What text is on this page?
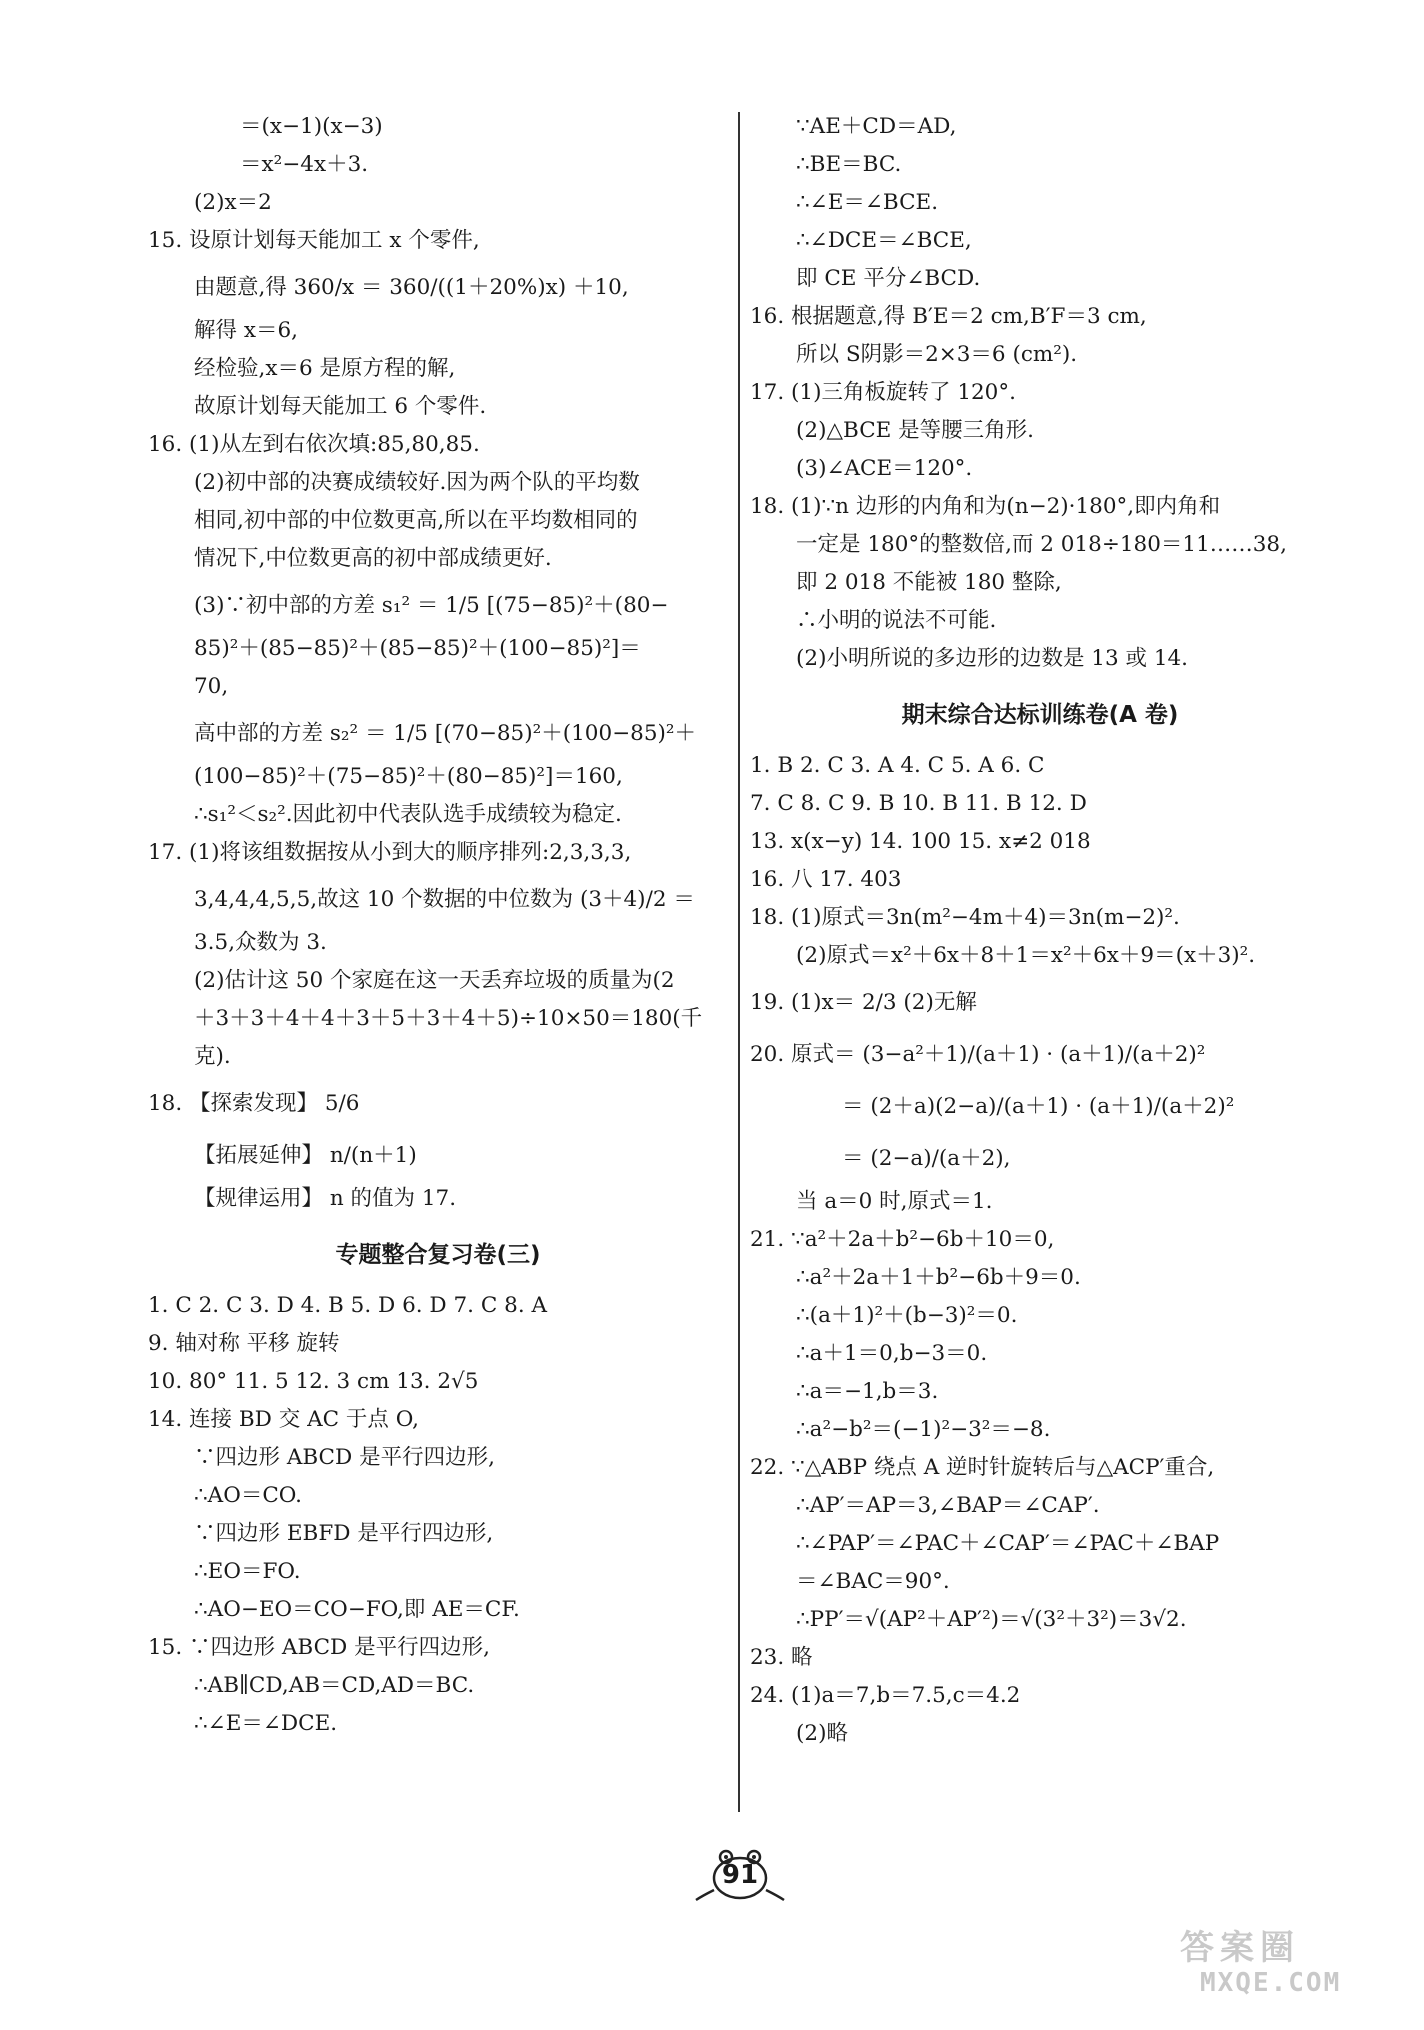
＝(x−1)(x−3)
＝x²−4x＋3.
(2)x＝2
15. 设原计划每天能加工 x 个零件,
由题意,得 360/x ＝ 360/((1＋20%)x) ＋10,
解得 x＝6,
经检验,x＝6 是原方程的解,
故原计划每天能加工 6 个零件.
16. (1)从左到右依次填:85,80,85.
(2)初中部的决赛成绩较好.因为两个队的平均数
相同,初中部的中位数更高,所以在平均数相同的
情况下,中位数更高的初中部成绩更好.
(3)∵初中部的方差 s₁² ＝ 1/5 [(75−85)²＋(80−
85)²＋(85−85)²＋(85−85)²＋(100−85)²]＝
70,
高中部的方差 s₂² ＝ 1/5 [(70−85)²＋(100−85)²＋
(100−85)²＋(75−85)²＋(80−85)²]＝160,
∴s₁²＜s₂².因此初中代表队选手成绩较为稳定.
17. (1)将该组数据按从小到大的顺序排列:2,3,3,3,
3,4,4,4,5,5,故这 10 个数据的中位数为 (3＋4)/2 ＝
3.5,众数为 3.
(2)估计这 50 个家庭在这一天丢弃垃圾的质量为(2
＋3＋3＋4＋4＋3＋5＋3＋4＋5)÷10×50＝180(千
克).
18. 【探索发现】 5/6
【拓展延伸】 n/(n＋1)
【规律运用】 n 的值为 17.
专题整合复习卷(三)
1. C 2. C 3. D 4. B 5. D 6. D 7. C 8. A
9. 轴对称 平移 旋转
10. 80° 11. 5 12. 3 cm 13. 2√5
14. 连接 BD 交 AC 于点 O,
∵四边形 ABCD 是平行四边形,
∴AO＝CO.
∵四边形 EBFD 是平行四边形,
∴EO＝FO.
∴AO−EO＝CO−FO,即 AE＝CF.
15. ∵四边形 ABCD 是平行四边形,
∴AB∥CD,AB＝CD,AD＝BC.
∴∠E＝∠DCE.
∵AE＋CD＝AD,
∴BE＝BC.
∴∠E＝∠BCE.
∴∠DCE＝∠BCE,
即 CE 平分∠BCD.
16. 根据题意,得 B′E＝2 cm,B′F＝3 cm,
所以 S阴影＝2×3＝6 (cm²).
17. (1)三角板旋转了 120°.
(2)△BCE 是等腰三角形.
(3)∠ACE＝120°.
18. (1)∵n 边形的内角和为(n−2)·180°,即内角和
一定是 180°的整数倍,而 2 018÷180＝11……38,
即 2 018 不能被 180 整除,
∴小明的说法不可能.
(2)小明所说的多边形的边数是 13 或 14.
期末综合达标训练卷(A 卷)
1. B 2. C 3. A 4. C 5. A 6. C
7. C 8. C 9. B 10. B 11. B 12. D
13. x(x−y) 14. 100 15. x≠2 018
16. 八 17. 403
18. (1)原式＝3n(m²−4m＋4)＝3n(m−2)².
(2)原式＝x²＋6x＋8＋1＝x²＋6x＋9＝(x＋3)².
19. (1)x＝ 2/3 (2)无解
20. 原式＝ (3−a²＋1)/(a＋1) · (a＋1)/(a＋2)²
＝ (2＋a)(2−a)/(a＋1) · (a＋1)/(a＋2)²
＝ (2−a)/(a＋2),
当 a＝0 时,原式＝1.
21. ∵a²＋2a＋b²−6b＋10＝0,
∴a²＋2a＋1＋b²−6b＋9＝0.
∴(a＋1)²＋(b−3)²＝0.
∴a＋1＝0,b−3＝0.
∴a＝−1,b＝3.
∴a²−b²＝(−1)²−3²＝−8.
22. ∵△ABP 绕点 A 逆时针旋转后与△ACP′重合,
∴AP′＝AP＝3,∠BAP＝∠CAP′.
∴∠PAP′＝∠PAC＋∠CAP′＝∠PAC＋∠BAP
＝∠BAC＝90°.
∴PP′＝√(AP²＋AP′²)＝√(3²＋3²)＝3√2.
23. 略
24. (1)a＝7,b＝7.5,c＝4.2
(2)略
91
答案圈
MXQE.COM
